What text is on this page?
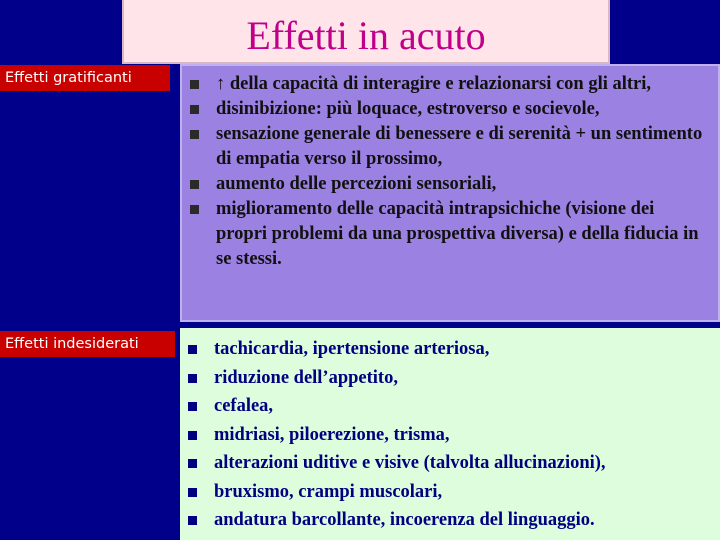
Effetti in acuto
Effetti gratificanti	↑ della capacità di interagire e relazionarsi con gli altri,
disinibizione: più loquace, estroverso e socievole,
sensazione generale di benessere e di serenità + un sentimento di empatia verso il prossimo,
aumento delle percezioni sensoriali,
miglioramento delle capacità intrapsichiche (visione dei propri problemi da una prospettiva diversa) e della fiducia in se stessi.
Effetti indesiderati	tachicardia, ipertensione arteriosa,
riduzione dell’appetito,
cefalea,
midriasi, piloerezione, trisma,
alterazioni uditive e visive (talvolta allucinazioni),
bruxismo, crampi muscolari,
andatura barcollante, incoerenza del linguaggio.
